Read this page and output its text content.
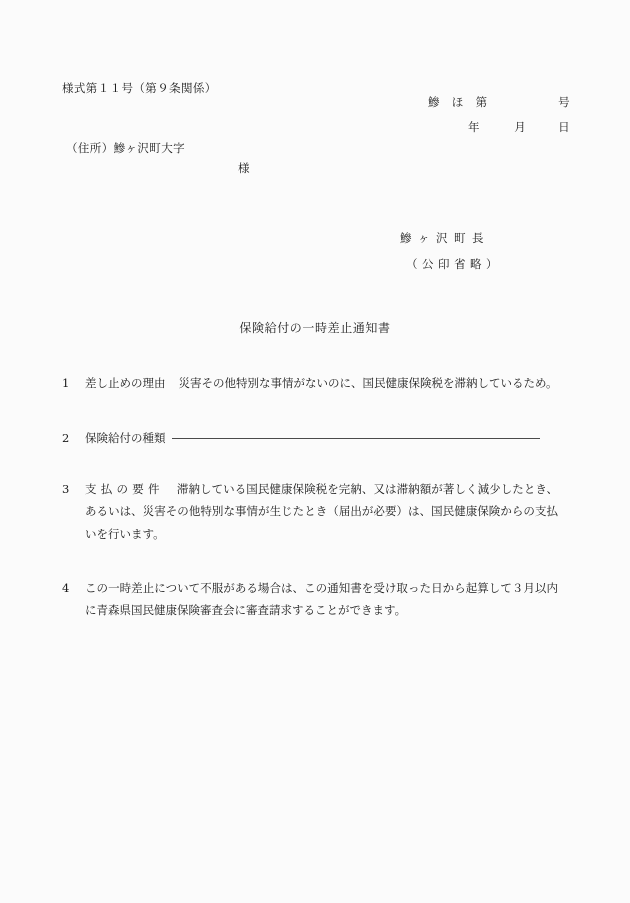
様式第１１号（第９条関係）
鰺　ほ　第	号
年	月	日
（住所）鰺ヶ沢町大字
様
鰺ヶ沢町長
（公印省略）
保険給付の一時差止通知書
1	差し止めの理由 災害その他特別な事情がないのに、国民健康保険税を滞納しているため。
2	保険給付の種類
3	支払の要件 滞納している国民健康保険税を完納、又は滞納額が著しく減少したとき、あるいは、災害その他特別な事情が生じたとき（届出が必要）は、国民健康保険からの支払いを行います。
4	この一時差止について不服がある場合は、この通知書を受け取った日から起算して３月以内に青森県国民健康保険審査会に審査請求することができます。
